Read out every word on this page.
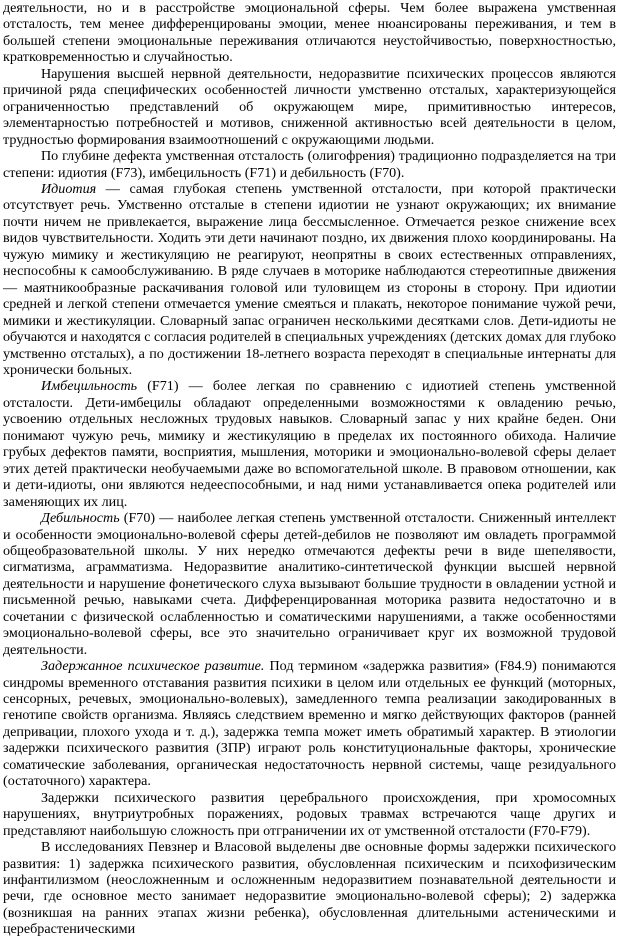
деятельности, но и в расстройстве эмоциональной сферы. Чем более выражена умственная отсталость, тем менее дифференцированы эмоции, менее нюансированы переживания, и тем в большей степени эмоциональные переживания отличаются неустойчивостью, поверхностностью, кратковременностью и случайностью.

Нарушения высшей нервной деятельности, недоразвитие психических процессов являются причиной ряда специфических особенностей личности умственно отсталых, характеризующейся ограниченностью представлений об окружающем мире, примитивностью интересов, элементарностью потребностей и мотивов, сниженной активностью всей деятельности в целом, трудностью формирования взаимоотношений с окружающими людьми.

По глубине дефекта умственная отсталость (олигофрения) традиционно подразделяется на три степени: идиотия (F73), имбецильность (F71) и дебильность (F70).

Идиотия — самая глубокая степень умственной отсталости, при которой практически отсутствует речь. Умственно отсталые в степени идиотии не узнают окружающих; их внимание почти ничем не привлекается, выражение лица бессмысленное. Отмечается резкое снижение всех видов чувствительности. Ходить эти дети начинают поздно, их движения плохо координированы. На чужую мимику и жестикуляцию не реагируют, неопрятны в своих естественных отправлениях, неспособны к самообслуживанию. В ряде случаев в моторике наблюдаются стереотипные движения — маятникообразные раскачивания головой или туловищем из стороны в сторону. При идиотии средней и легкой степени отмечается умение смеяться и плакать, некоторое понимание чужой речи, мимики и жестикуляции. Словарный запас ограничен несколькими десятками слов. Дети-идиоты не обучаются и находятся с согласия родителей в специальных учреждениях (детских домах для глубоко умственно отсталых), а по достижении 18-летнего возраста переходят в специальные интернаты для хронически больных.

Имбецильность (F71) — более легкая по сравнению с идиотией степень умственной отсталости. Дети-имбецилы обладают определенными возможностями к овладению речью, усвоению отдельных несложных трудовых навыков. Словарный запас у них крайне беден. Они понимают чужую речь, мимику и жестикуляцию в пределах их постоянного обихода. Наличие грубых дефектов памяти, восприятия, мышления, моторики и эмоционально-волевой сферы делает этих детей практически необучаемыми даже во вспомогательной школе. В правовом отношении, как и дети-идиоты, они являются недееспособными, и над ними устанавливается опека родителей или заменяющих их лиц.

Дебильность (F70) — наиболее легкая степень умственной отсталости. Сниженный интеллект и особенности эмоционально-волевой сферы детей-дебилов не позволяют им овладеть программой общеобразовательной школы. У них нередко отмечаются дефекты речи в виде шепелявости, сигматизма, аграмматизма. Недоразвитие аналитико-синтетической функции высшей нервной деятельности и нарушение фонетического слуха вызывают большие трудности в овладении устной и письменной речью, навыками счета. Дифференцированная моторика развита недостаточно и в сочетании с физической ослабленностью и соматическими нарушениями, а также особенностями эмоционально-волевой сферы, все это значительно ограничивает круг их возможной трудовой деятельности.

Задержанное психическое развитие. Под термином «задержка развития» (F84.9) понимаются синдромы временного отставания развития психики в целом или отдельных ее функций (моторных, сенсорных, речевых, эмоционально-волевых), замедленного темпа реализации закодированных в генотипе свойств организма. Являясь следствием временно и мягко действующих факторов (ранней депривации, плохого ухода и т. д.), задержка темпа может иметь обратимый характер. В этиологии задержки психического развития (ЗПР) играют роль конституциональные факторы, хронические соматические заболевания, органическая недостаточность нервной системы, чаще резидуального (остаточного) характера.

Задержки психического развития церебрального происхождения, при хромосомных нарушениях, внутриутробных поражениях, родовых травмах встречаются чаще других и представляют наибольшую сложность при отграничении их от умственной отсталости (F70-F79).

В исследованиях Певзнер и Власовой выделены две основные формы задержки психического развития: 1) задержка психического развития, обусловленная психическим и психофизическим инфантилизмом (неосложненным и осложненным недоразвитием познавательной деятельности и речи, где основное место занимает недоразвитие эмоционально-волевой сферы); 2) задержка (возникшая на ранних этапах жизни ребенка), обусловленная длительными астеническими и церебрастеническими
